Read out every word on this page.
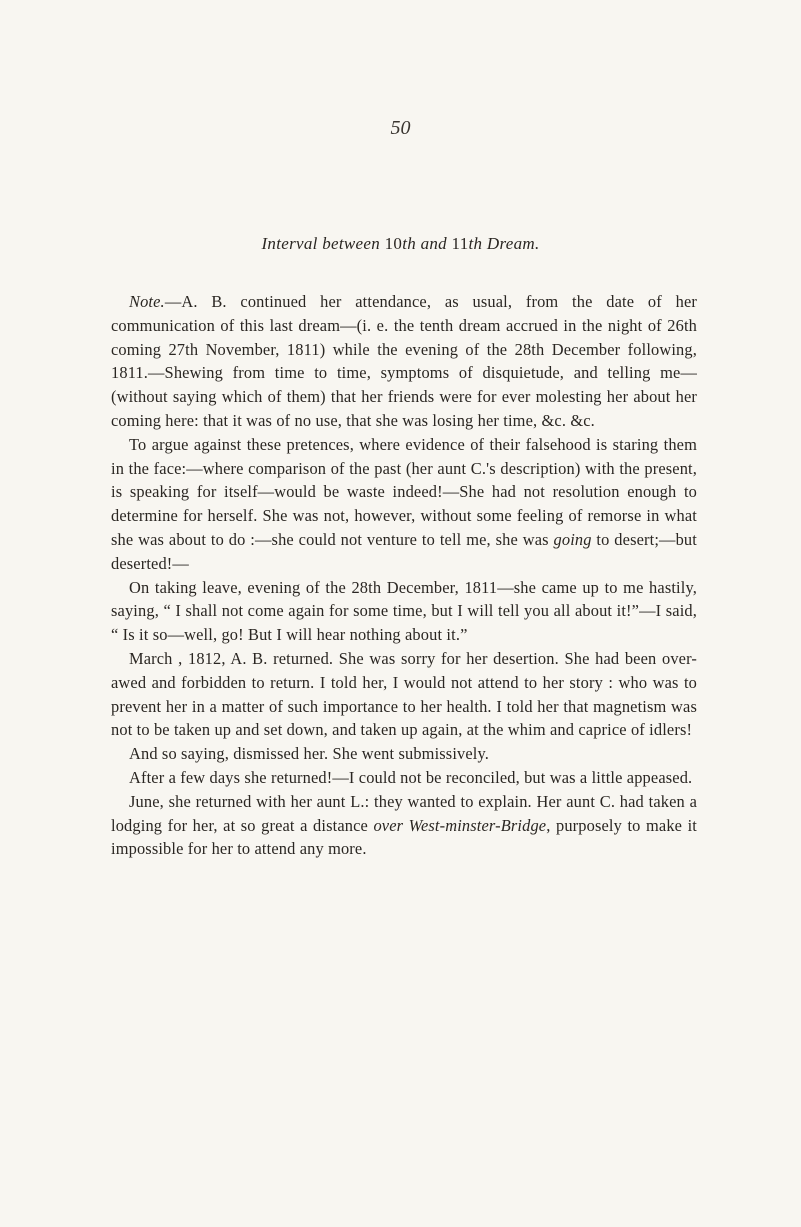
50
Interval between 10th and 11th Dream.

Note.—A. B. continued her attendance, as usual, from the date of her communication of this last dream—(i. e. the tenth dream accrued in the night of 26th coming 27th November, 1811) while the evening of the 28th December following, 1811.—Shewing from time to time, symptoms of disquietude, and telling me—(without saying which of them) that her friends were for ever molesting her about her coming here: that it was of no use, that she was losing her time, &c. &c.

To argue against these pretences, where evidence of their falsehood is staring them in the face:—where comparison of the past (her aunt C.'s description) with the present, is speaking for itself—would be waste indeed!—She had not resolution enough to determine for herself. She was not, however, without some feeling of remorse in what she was about to do :—she could not venture to tell me, she was going to desert;—but deserted!—

On taking leave, evening of the 28th December, 1811—she came up to me hastily, saying, “ I shall not come again for some time, but I will tell you all about it!”—I said, “ Is it so—well, go! But I will hear nothing about it.”

March , 1812, A. B. returned. She was sorry for her desertion. She had been over-awed and forbidden to return. I told her, I would not attend to her story : who was to prevent her in a matter of such importance to her health. I told her that magnetism was not to be taken up and set down, and taken up again, at the whim and caprice of idlers!

And so saying, dismissed her. She went submissively.

After a few days she returned!—I could not be reconciled, but was a little appeased.

June, she returned with her aunt L.: they wanted to explain. Her aunt C. had taken a lodging for her, at so great a distance over West-minster-Bridge, purposely to make it impossible for her to attend any more.
